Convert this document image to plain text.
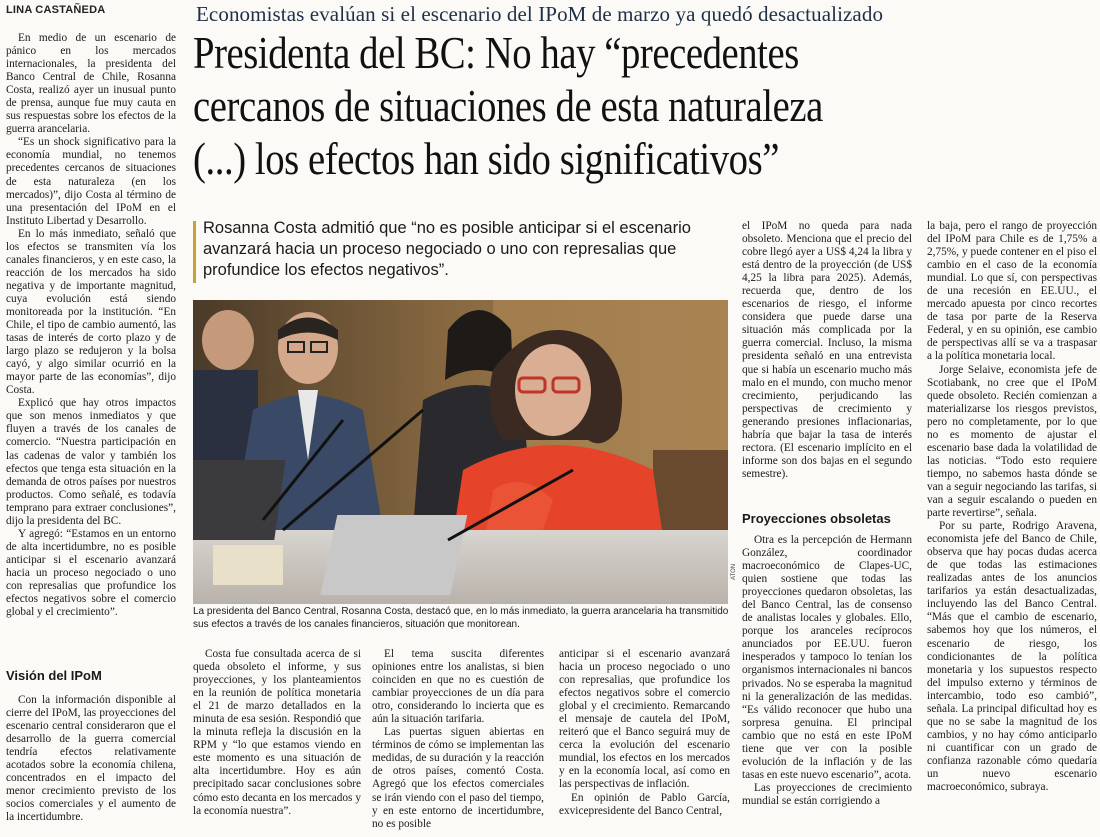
LINA CASTAÑEDA	Economistas evalúan si el escenario del IPoM de marzo ya quedó desactualizado
Presidenta del BC: No hay “precedentes
cercanos de situaciones de esta naturaleza
(...) los efectos han sido significativos”

En medio de un escenario de pánico en los mercados internacionales, la presidenta del Banco Central de Chile, Rosanna Costa, realizó ayer un inusual punto de prensa, aunque fue muy cauta en sus respuestas sobre los efectos de la guerra arancelaria.

“Es un shock significativo para la economía mundial, no tenemos precedentes cercanos de situaciones de esta naturaleza (en los mercados)”, dijo Costa al término de una presentación del IPoM en el Instituto Libertad y Desarrollo.

En lo más inmediato, señaló que los efectos se transmiten vía los canales financieros, y en este caso, la reacción de los mercados ha sido negativa y de importante magnitud, cuya evolución está siendo monitoreada por la institución. “En Chile, el tipo de cambio aumentó, las tasas de interés de corto plazo y de largo plazo se redujeron y la bolsa cayó, y algo similar ocurrió en la mayor parte de las economías”, dijo Costa.

Explicó que hay otros impactos que son menos inmediatos y que fluyen a través de los canales de comercio. “Nuestra participación en las cadenas de valor y también los efectos que tenga esta situación en la demanda de otros países por nuestros productos. Como señalé, es todavía temprano para extraer conclusiones”, dijo la presidenta del BC.

Y agregó: “Estamos en un entorno de alta incertidumbre, no es posible anticipar si el escenario avanzará hacia un proceso negociado o uno con represalias que profundice los efectos negativos sobre el comercio global y el crecimiento”.

Visión del IPoM

Con la información disponible al cierre del IPoM, las proyecciones del escenario central consideraron que el desarrollo de la guerra comercial tendría efectos relativamente acotados sobre la economía chilena, concentrados en el impacto del menor crecimiento previsto de los socios comerciales y el aumento de la incertidumbre.

Rosanna Costa admitió que “no es posible anticipar si el escenario avanzará hacia un proceso negociado o uno con represalias que profundice los efectos negativos”.
ATON
La presidenta del Banco Central, Rosanna Costa, destacó que, en lo más inmediato, la guerra arancelaria ha transmitido sus efectos a través de los canales financieros, situación que monitorean.

Costa fue consultada acerca de si queda obsoleto el informe, y sus proyecciones, y los planteamientos en la reunión de política monetaria el 21 de marzo detallados en la minuta de esa sesión. Respondió que la minuta refleja la discusión en la RPM y “lo que estamos viendo en este momento es una situación de alta incertidumbre. Hoy es aún precipitado sacar conclusiones sobre cómo esto decanta en los mercados y la economía nuestra”.

El tema suscita diferentes opiniones entre los analistas, si bien coinciden en que no es cuestión de cambiar proyecciones de un día para otro, considerando lo incierta que es aún la situación tarifaria.

Las puertas siguen abiertas en términos de cómo se implementan las medidas, de su duración y la reacción de otros países, comentó Costa. Agregó que los efectos comerciales se irán viendo con el paso del tiempo, y en este entorno de incertidumbre, no es posible

anticipar si el escenario avanzará hacia un proceso negociado o uno con represalias, que profundice los efectos negativos sobre el comercio global y el crecimiento. Remarcando el mensaje de cautela del IPoM, reiteró que el Banco seguirá muy de cerca la evolución del escenario mundial, los efectos en los mercados y en la economía local, así como en las perspectivas de inflación.

En opinión de Pablo García, exvicepresidente del Banco Central,

el IPoM no queda para nada obsoleto. Menciona que el precio del cobre llegó ayer a US$ 4,24 la libra y está dentro de la proyección (de US$ 4,25 la libra para 2025). Además, recuerda que, dentro de los escenarios de riesgo, el informe considera que puede darse una situación más complicada por la guerra comercial. Incluso, la misma presidenta señaló en una entrevista que si había un escenario mucho más malo en el mundo, con mucho menor crecimiento, perjudicando las perspectivas de crecimiento y generando presiones inflacionarias, habría que bajar la tasa de interés rectora. (El escenario implícito en el informe son dos bajas en el segundo semestre).

Proyecciones obsoletas

Otra es la percepción de Hermann González, coordinador macroeconómico de Clapes-UC, quien sostiene que todas las proyecciones quedaron obsoletas, las del Banco Central, las de consenso de analistas locales y globales. Ello, porque los aranceles recíprocos anunciados por EE.UU. fueron inesperados y tampoco lo tenían los organismos internacionales ni bancos privados. No se esperaba la magnitud ni la generalización de las medidas. “Es válido reconocer que hubo una sorpresa genuina. El principal cambio que no está en este IPoM tiene que ver con la posible evolución de la inflación y de las tasas en este nuevo escenario”, acota.

Las proyecciones de crecimiento mundial se están corrigiendo a

la baja, pero el rango de proyección del IPoM para Chile es de 1,75% a 2,75%, y puede contener en el piso el cambio en el caso de la economía mundial. Lo que sí, con perspectivas de una recesión en EE.UU., el mercado apuesta por cinco recortes de tasa por parte de la Reserva Federal, y en su opinión, ese cambio de perspectivas allí se va a traspasar a la política monetaria local.

Jorge Selaive, economista jefe de Scotiabank, no cree que el IPoM quede obsoleto. Recién comienzan a materializarse los riesgos previstos, pero no completamente, por lo que no es momento de ajustar el escenario base dada la volatilidad de las noticias. “Todo esto requiere tiempo, no sabemos hasta dónde se van a seguir negociando las tarifas, si van a seguir escalando o pueden en parte revertirse”, señala.

Por su parte, Rodrigo Aravena, economista jefe del Banco de Chile, observa que hay pocas dudas acerca de que todas las estimaciones realizadas antes de los anuncios tarifarios ya están desactualizadas, incluyendo las del Banco Central. “Más que el cambio de escenario, sabemos hoy que los números, el escenario de riesgo, los condicionantes de la política monetaria y los supuestos respecto del impulso externo y términos de intercambio, todo eso cambió”, señala. La principal dificultad hoy es que no se sabe la magnitud de los cambios, y no hay cómo anticiparlo ni cuantificar con un grado de confianza razonable cómo quedaría un nuevo escenario macroeconómico, subraya.
